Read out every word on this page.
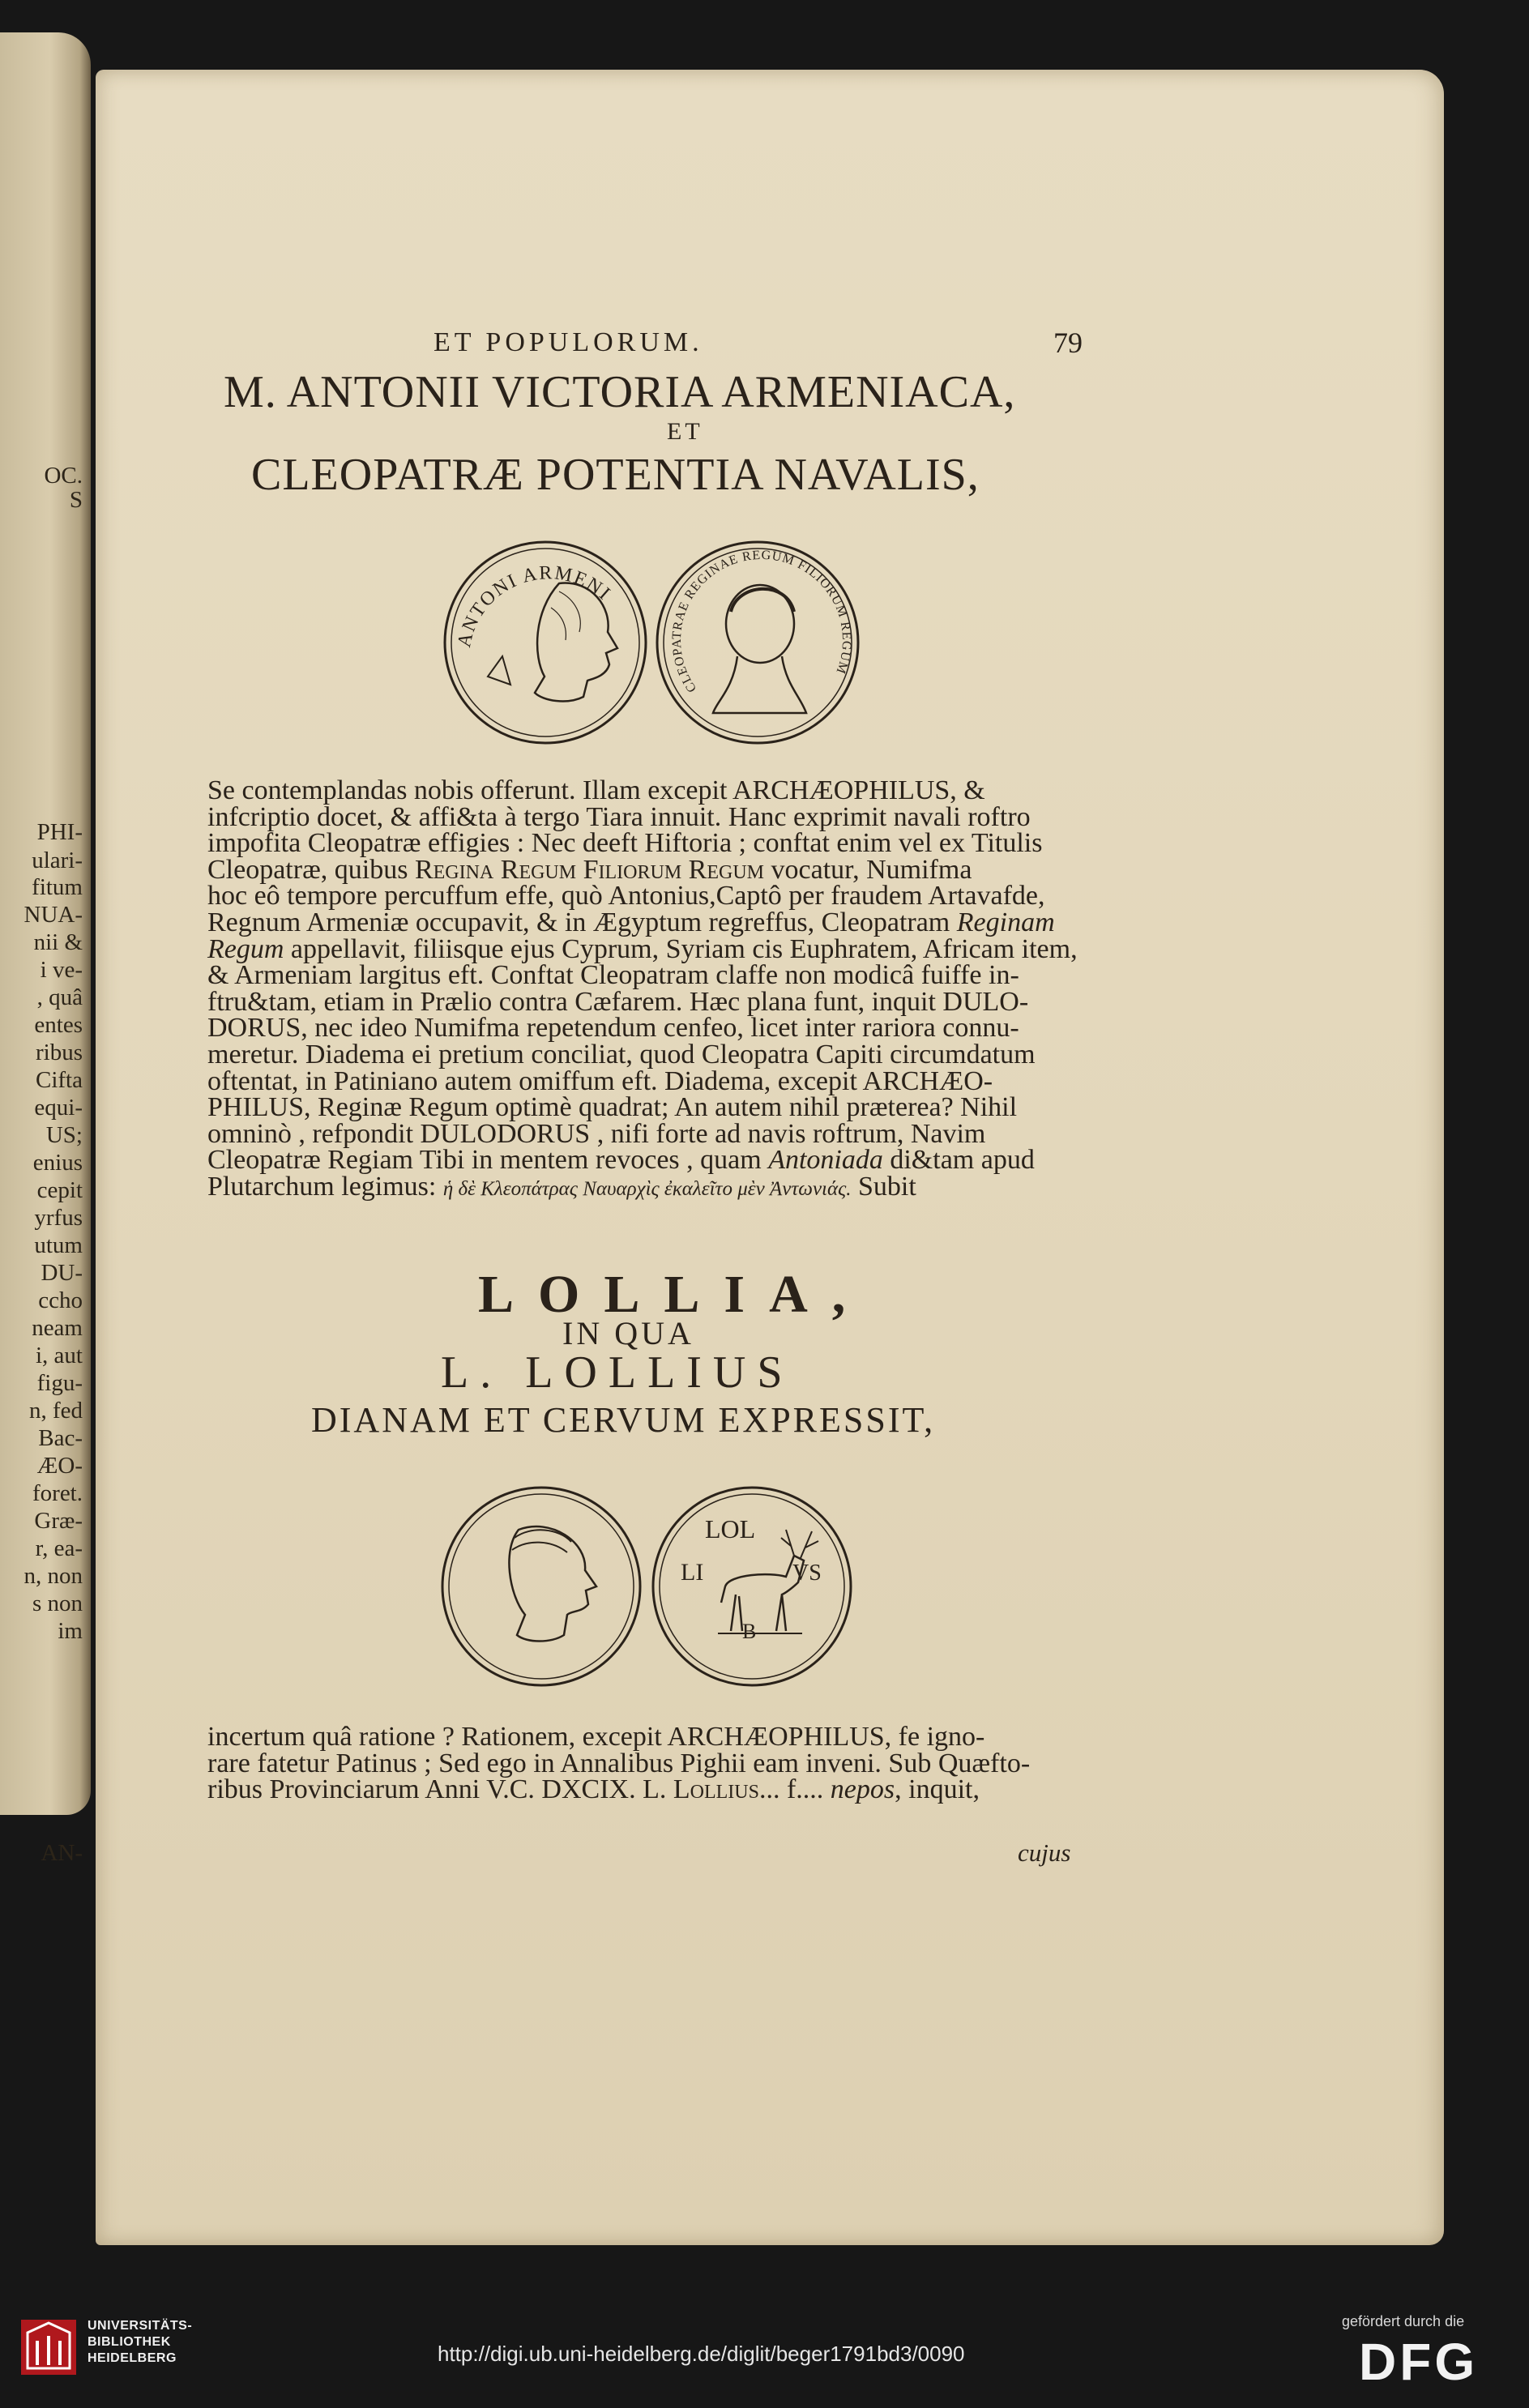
OC.
S
PHI-
ulari-
fitum
NUA-
nii &
i ve-
, quâ
entes
ribus
Cifta
equi-
US;
enius
cepit
yrfus
utum
DU-
ccho
neam
i, aut
figu-
n, fed
Bac-
ÆO-
foret.
Græ-
r, ea-
n, non
s non
im
AN-
ET POPULORUM.	79
M. ANTONII VICTORIA ARMENIACA,
ET
CLEOPATRÆ POTENTIA NAVALIS,
ANTONI ARMENI
CLEOPATRAE REGINAE REGUM FILIORUM REGUM
Se contemplandas nobis offerunt. Illam excepit ARCHÆOPHILUS, &
infcriptio docet, & affi&ta à tergo Tiara innuit. Hanc exprimit navali roftro
impofita Cleopatræ effigies : Nec deeft Hiftoria ; conftat enim vel ex Titulis
Cleopatræ, quibus Regina Regum Filiorum Regum vocatur, Numifma
hoc eô tempore percuffum effe, quò Antonius,Captô per fraudem Artavafde,
Regnum Armeniæ occupavit, & in Ægyptum regreffus, Cleopatram Reginam
Regum appellavit, filiisque ejus Cyprum, Syriam cis Euphratem, Africam item,
& Armeniam largitus eft. Conftat Cleopatram claffe non modicâ fuiffe in-
ftru&tam, etiam in Prælio contra Cæfarem. Hæc plana funt, inquit DULO-
DORUS, nec ideo Numifma repetendum cenfeo, licet inter rariora connu-
meretur. Diadema ei pretium conciliat, quod Cleopatra Capiti circumdatum
oftentat, in Patiniano autem omiffum eft. Diadema, excepit ARCHÆO-
PHILUS, Reginæ Regum optimè quadrat; An autem nihil præterea? Nihil
omninò , refpondit DULODORUS , nifi forte ad navis roftrum, Navim
Cleopatræ Regiam Tibi in mentem revoces , quam Antoniada di&tam apud
Plutarchum legimus: ἡ δὲ Κλεοπάτρας Ναυαρχὶς ἐκαλεῖτο μὲν Ἀντωνιάς. Subit
LOLLIA,
IN QUA
L. LOLLIUS
DIANAM ET CERVUM EXPRESSIT,
LOL
LI	VS
B
incertum quâ ratione ? Rationem, excepit ARCHÆOPHILUS, fe igno-
rare fatetur Patinus ; Sed ego in Annalibus Pighii eam inveni. Sub Quæfto-
ribus Provinciarum Anni V.C. DXCIX. L. Lollius... f.... nepos, inquit,
cujus
UNIVERSITÄTS-
BIBLIOTHEK
HEIDELBERG	http://digi.ub.uni-heidelberg.de/diglit/beger1791bd3/0090
gefördert durch die
DFG
